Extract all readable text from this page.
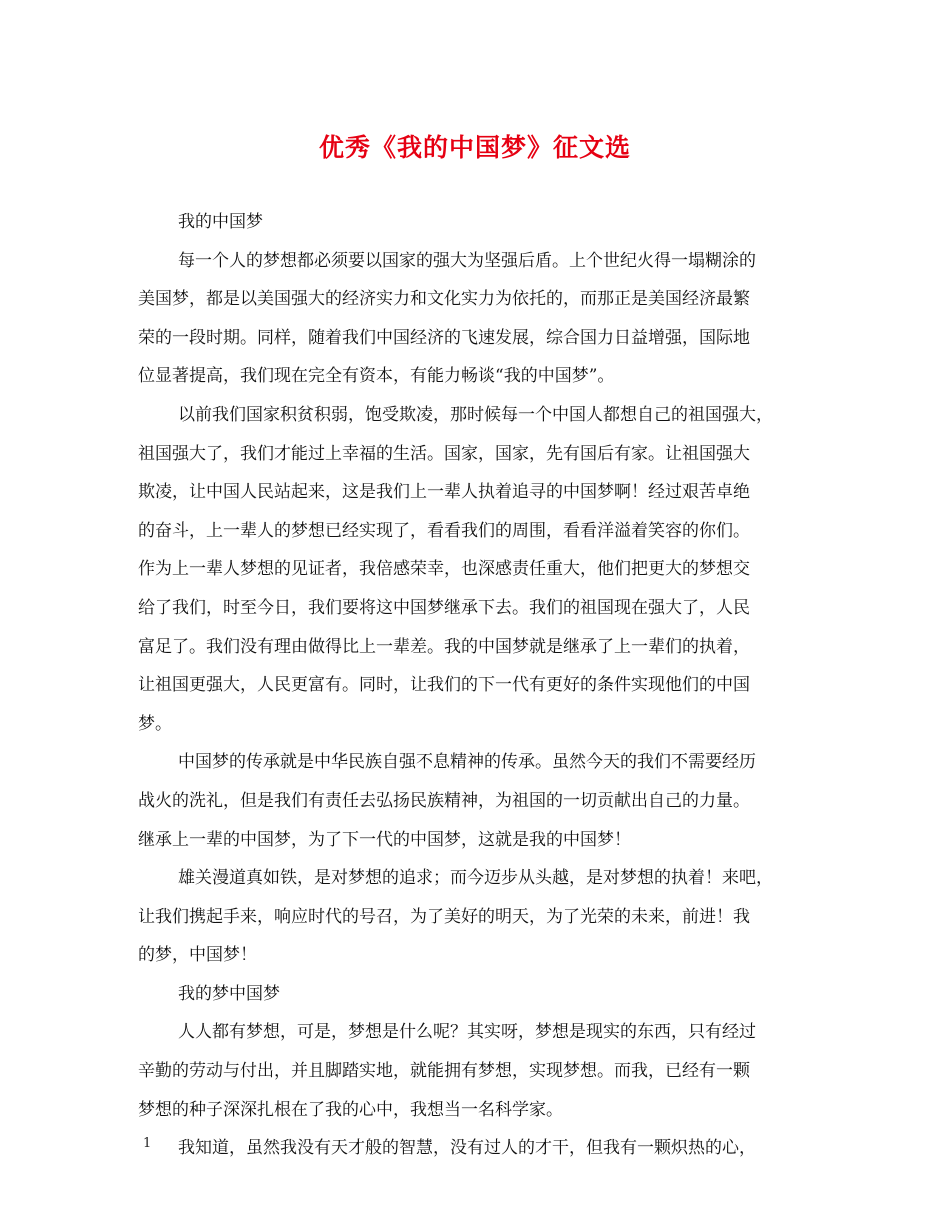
优秀《我的中国梦》征文选
我的中国梦
每一个人的梦想都必须要以国家的强大为坚强后盾。上个世纪火得一塌糊涂的
美国梦，都是以美国强大的经济实力和文化实力为依托的，而那正是美国经济最繁
荣的一段时期。同样，随着我们中国经济的飞速发展，综合国力日益增强，国际地
位显著提高，我们现在完全有资本，有能力畅谈“我的中国梦”。
以前我们国家积贫积弱，饱受欺凌，那时候每一个中国人都想自己的祖国强大，
祖国强大了，我们才能过上幸福的生活。国家，国家，先有国后有家。让祖国强大
欺凌，让中国人民站起来，这是我们上一辈人执着追寻的中国梦啊！经过艰苦卓绝
的奋斗，上一辈人的梦想已经实现了，看看我们的周围，看看洋溢着笑容的你们。
作为上一辈人梦想的见证者，我倍感荣幸，也深感责任重大，他们把更大的梦想交
给了我们，时至今日，我们要将这中国梦继承下去。我们的祖国现在强大了，人民
富足了。我们没有理由做得比上一辈差。我的中国梦就是继承了上一辈们的执着，
让祖国更强大，人民更富有。同时，让我们的下一代有更好的条件实现他们的中国
梦。
中国梦的传承就是中华民族自强不息精神的传承。虽然今天的我们不需要经历
战火的洗礼，但是我们有责任去弘扬民族精神，为祖国的一切贡献出自己的力量。
继承上一辈的中国梦，为了下一代的中国梦，这就是我的中国梦！
雄关漫道真如铁，是对梦想的追求；而今迈步从头越，是对梦想的执着！来吧，
让我们携起手来，响应时代的号召，为了美好的明天，为了光荣的未来，前进！我
的梦，中国梦！
我的梦中国梦
人人都有梦想，可是，梦想是什么呢？其实呀，梦想是现实的东西，只有经过
辛勤的劳动与付出，并且脚踏实地，就能拥有梦想，实现梦想。而我，已经有一颗
梦想的种子深深扎根在了我的心中，我想当一名科学家。
我知道，虽然我没有天才般的智慧，没有过人的才干，但我有一颗炽热的心，
1
